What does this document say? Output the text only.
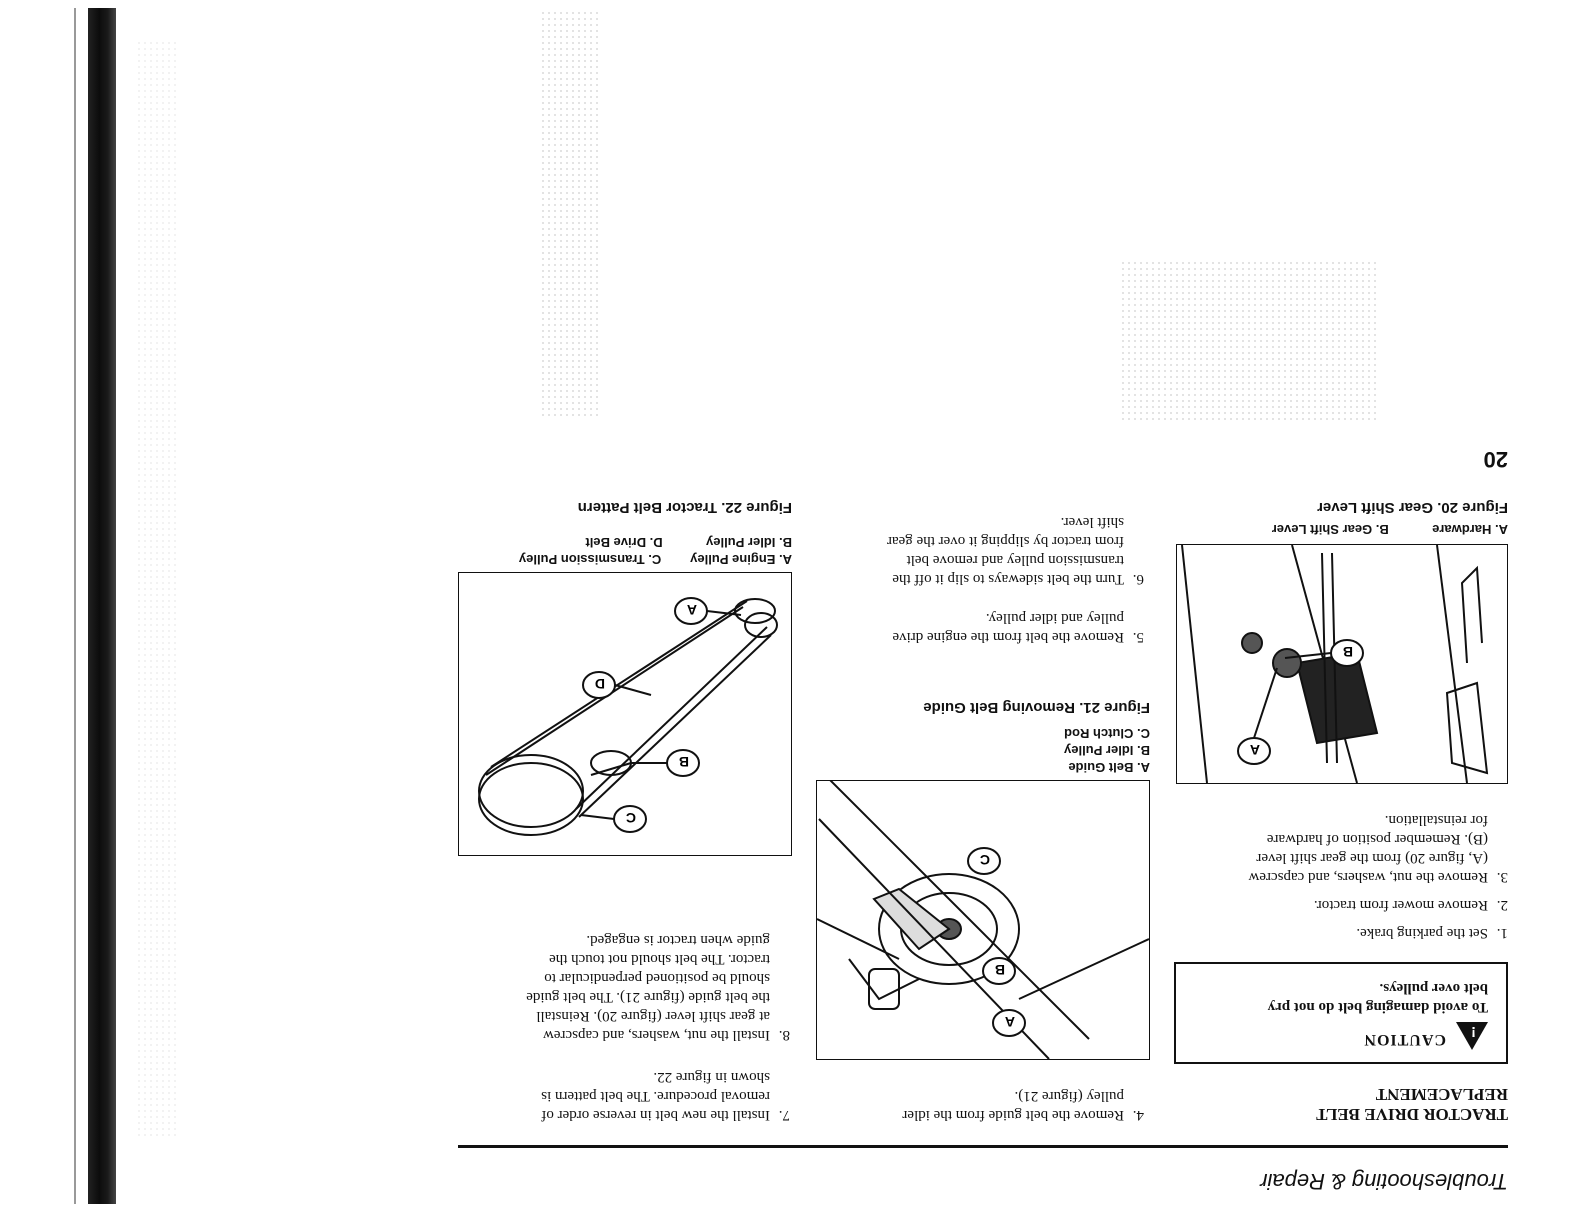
Troubleshooting & Repair
TRACTOR DRIVE BELT
REPLACEMENT
!
CAUTION
To avoid damaging belt do not pry
belt over pulleys.
1.
Set the parking brake.
2.
Remove mower from tractor.
3.
Remove the nut, washers, and capscrew
(A, figure 20) from the gear shift lever
(B). Remember position of hardware
for reinstallation.
A
B
A. Hardware            B. Gear Shift Lever
Figure 20. Gear Shift Lever
20
4.
Remove the belt guide from the idler
pulley (figure 21).
A
B
C
A. Belt Guide
B. Idler Pulley
C. Clutch Rod
Figure 21. Removing Belt Guide
5.
Remove the belt from the engine drive
pulley and idler pulley.
6.
Turn the belt sideways to slip it off the
transmission pulley and remove belt
from tractor by slipping it over the gear
shift lever.
7.
Install the new belt in reverse order of
removal procedure. The belt pattern is
shown in figure 22.
8.
Install the nut, washers, and capscrew
at gear shift lever (figure 20). Reinstall
the belt guide (figure 21). The belt guide
should be positioned perpendicular to
tractor. The belt should not touch the
guide when tractor is engaged.
C
B
D
A
A. Engine Pulley        C. Transmission Pulley
B. Idler Pulley            D. Drive Belt
Figure 22. Tractor Belt Pattern
